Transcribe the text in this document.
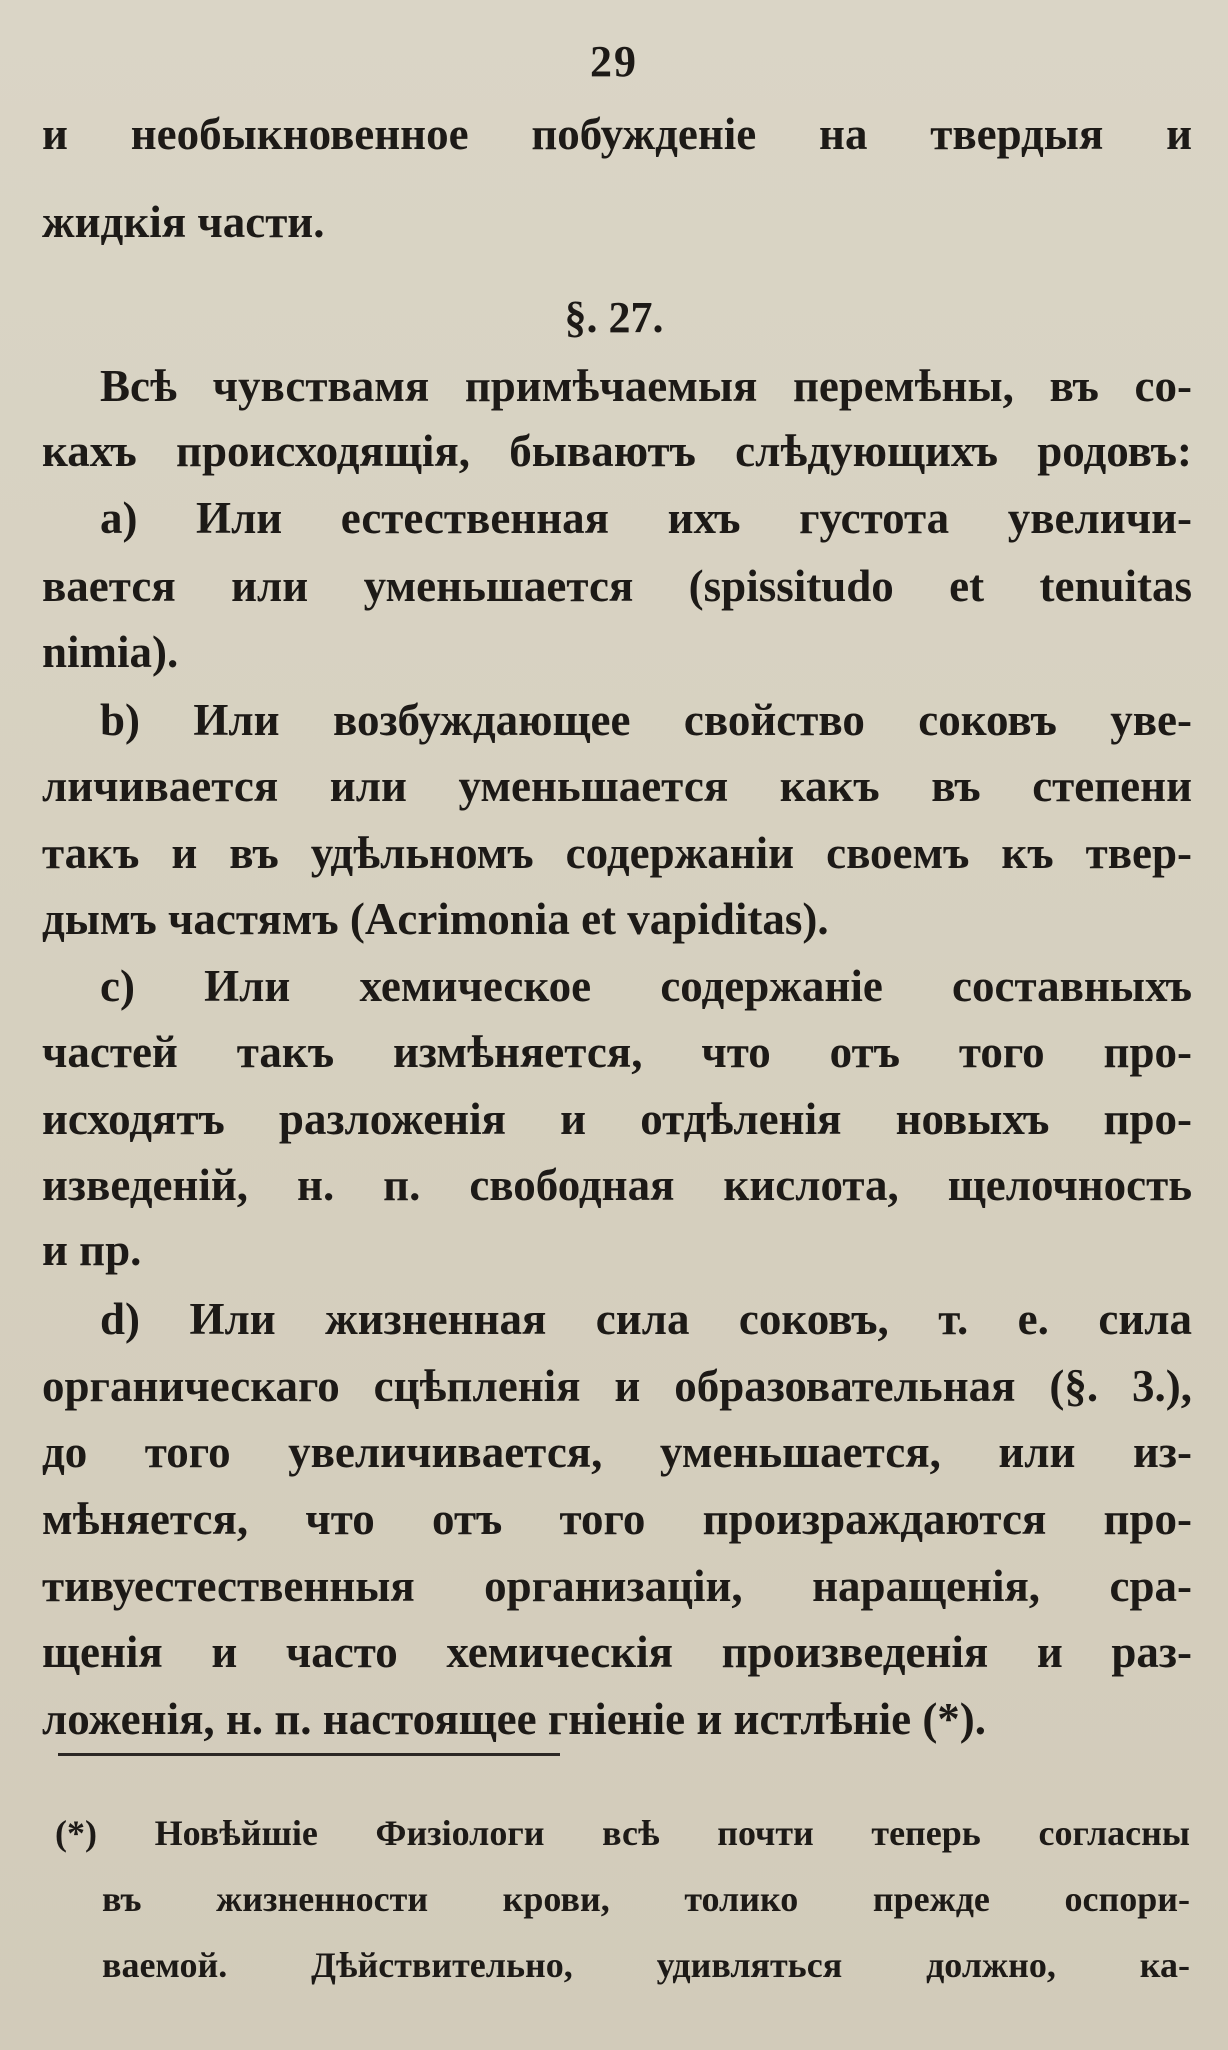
29
и необыкновенное побужденіе на твердыя и
жидкія части.
§. 27.
Всѣ чувствамя примѣчаемыя перемѣны, въ со-
кахъ происходящія, бываютъ слѣдующихъ родовъ:
a) Или естественная ихъ густота увеличи-
вается или уменьшается (spissitudo et tenuitas
nimia).
b) Или возбуждающее свойство соковъ уве-
личивается или уменьшается какъ въ степени
такъ и въ удѣльномъ содержаніи своемъ къ твер-
дымъ частямъ (Acrimonia et vapiditas).
c) Или хемическое содержаніе составныхъ
частей такъ измѣняется, что отъ того про-
исходятъ разложенія и отдѣленія новыхъ про-
изведеній, н. п. свободная кислота, щелочность
и пр.
d) Или жизненная сила соковъ, т. е. сила
органическаго сцѣпленія и образовательная (§. 3.),
до того увеличивается, уменьшается, или из-
мѣняется, что отъ того произраждаются про-
тивуестественныя организаціи, наращенія, сра-
щенія и часто хемическія произведенія и раз-
ложенія, н. п. настоящее гніеніе и истлѣніе (*).
(*) Новѣйшіе Физіологи всѣ почти теперь согласны
въ жизненности крови, толико прежде оспори-
ваемой. Дѣйствительно, удивляться должно, ка-
